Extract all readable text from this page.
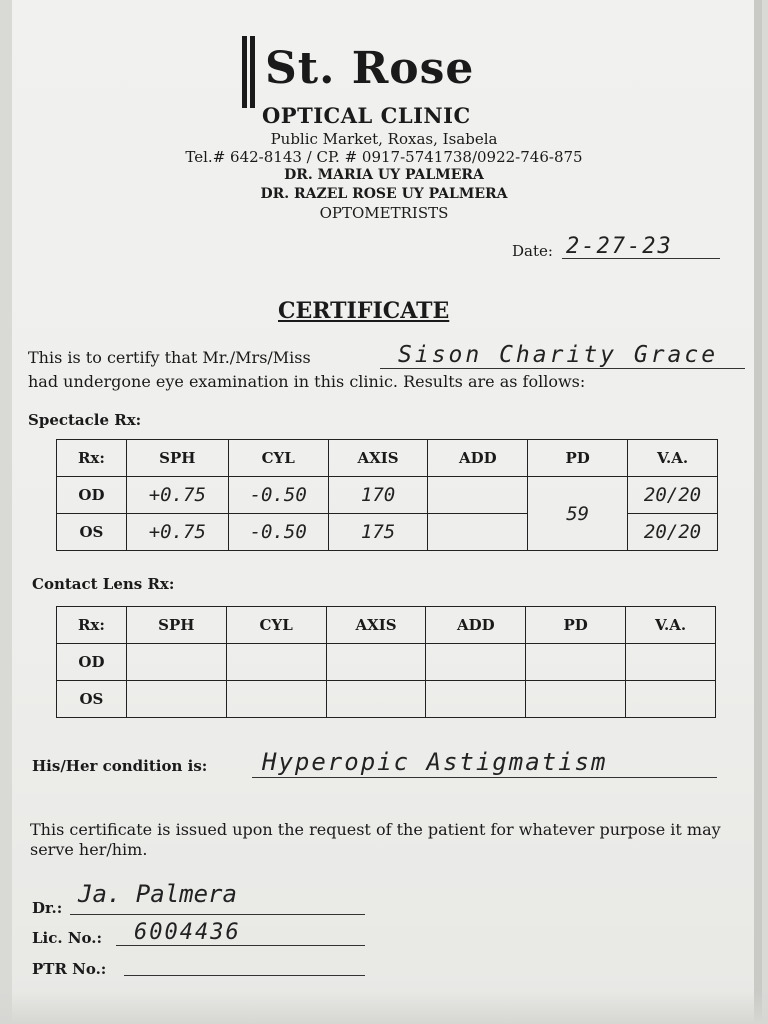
St. Rose
OPTICAL CLINIC
Public Market, Roxas, Isabela
Tel.# 642-8143 / CP. # 0917-5741738/0922-746-875
DR. MARIA UY PALMERA
DR. RAZEL ROSE UY PALMERA
OPTOMETRISTS
Date: 2-27-23
CERTIFICATE
This is to certify that Mr./Mrs/Miss	Sison Charity Grace
had undergone eye examination in this clinic. Results are as follows:
Spectacle Rx:
Rx:	SPH	CYL	AXIS	ADD	PD	V.A.
OD	+0.75	-0.50	170		59	20/20
OS	+0.75	-0.50	175			20/20
Contact Lens Rx:
Rx:	SPH	CYL	AXIS	ADD	PD	V.A.
OD						
OS						
His/Her condition is: Hyperopic Astigmatism
This certificate is issued upon the request of the patient for whatever purpose it may serve her/him.
Dr.: Ja. Palmera
Lic. No.: 6004436
PTR No.:
